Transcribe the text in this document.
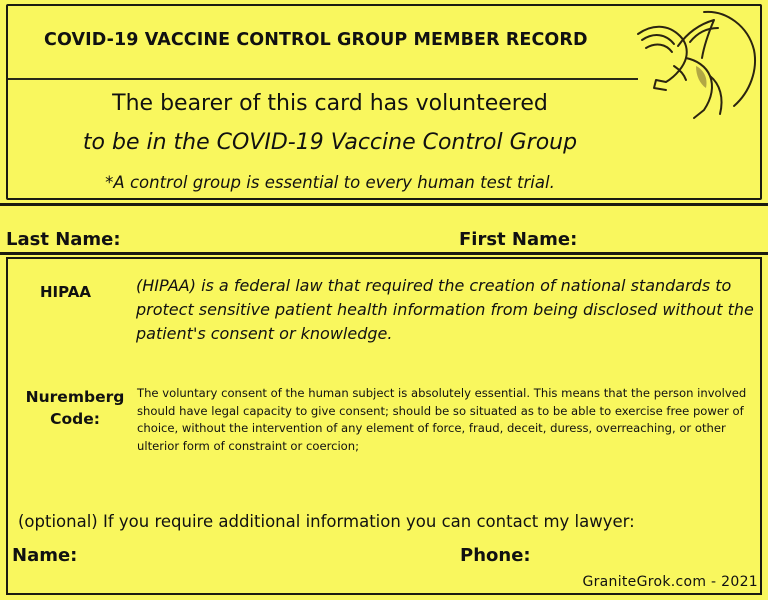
COVID-19 VACCINE CONTROL GROUP MEMBER RECORD
The bearer of this card has volunteered
to be in the COVID-19 Vaccine Control Group
*A control group is essential to every human test trial.
Last Name:	First Name:
HIPAA	(HIPAA) is a federal law that required the creation of national standards to protect sensitive patient health information from being disclosed without the patient's consent or knowledge.
Nuremberg Code:
The voluntary consent of the human subject is absolutely essential. This means that the person involved should have legal capacity to give consent; should be so situated as to be able to exercise free power of choice, without the intervention of any element of force, fraud, deceit, duress, overreaching, or other ulterior form of constraint or coercion;
(optional) If you require additional information you can contact my lawyer:
Name:	Phone:
GraniteGrok.com - 2021
